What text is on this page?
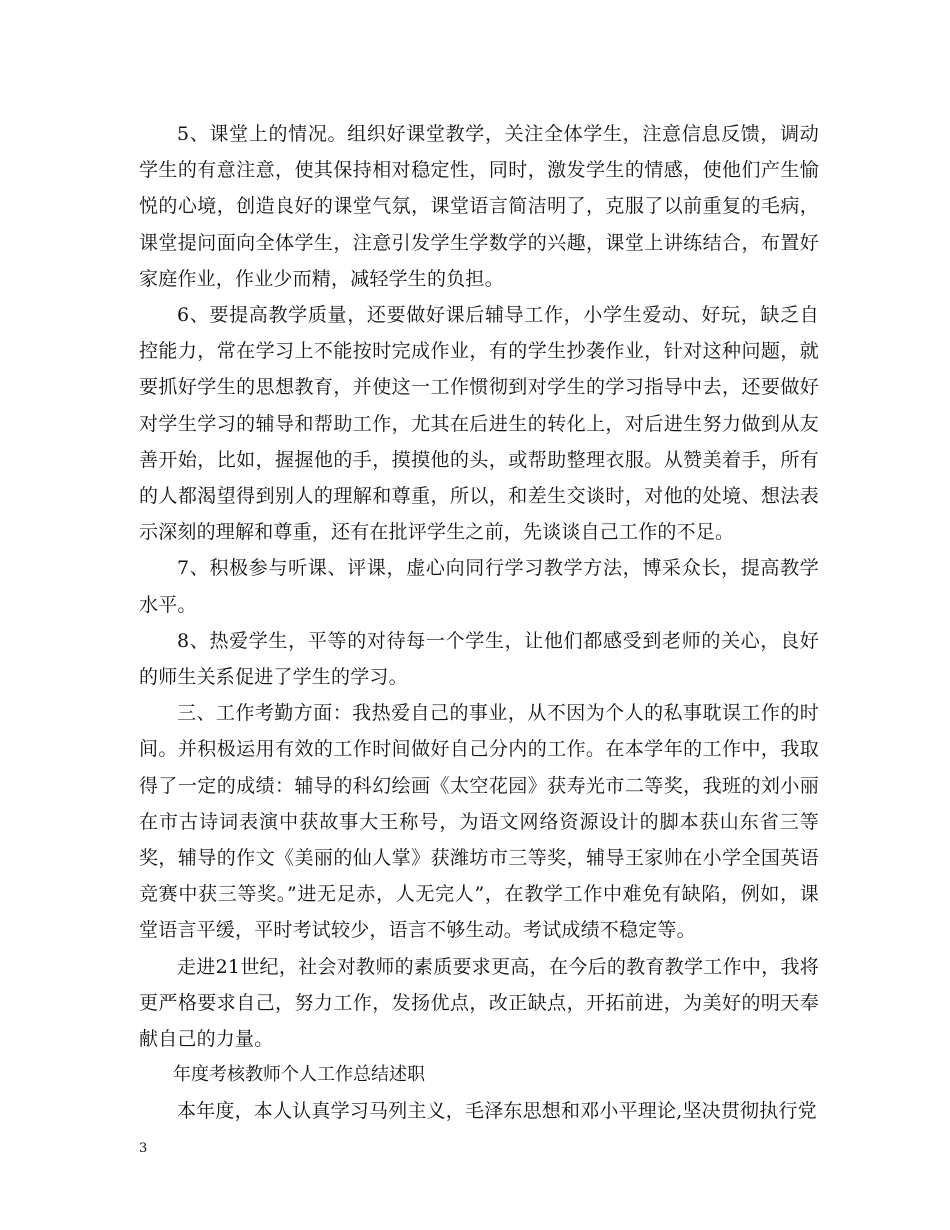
5、课堂上的情况。组织好课堂教学，关注全体学生，注意信息反馈，调动学生的有意注意，使其保持相对稳定性，同时，激发学生的情感，使他们产生愉悦的心境，创造良好的课堂气氛，课堂语言简洁明了，克服了以前重复的毛病，课堂提问面向全体学生，注意引发学生学数学的兴趣，课堂上讲练结合，布置好家庭作业，作业少而精，减轻学生的负担。

6、要提高教学质量，还要做好课后辅导工作，小学生爱动、好玩，缺乏自控能力，常在学习上不能按时完成作业，有的学生抄袭作业，针对这种问题，就要抓好学生的思想教育，并使这一工作惯彻到对学生的学习指导中去，还要做好对学生学习的辅导和帮助工作，尤其在后进生的转化上，对后进生努力做到从友善开始，比如，握握他的手，摸摸他的头，或帮助整理衣服。从赞美着手，所有的人都渴望得到别人的理解和尊重，所以，和差生交谈时，对他的处境、想法表示深刻的理解和尊重，还有在批评学生之前，先谈谈自己工作的不足。

7、积极参与听课、评课，虚心向同行学习教学方法，博采众长，提高教学水平。

8、热爱学生，平等的对待每一个学生，让他们都感受到老师的关心，良好的师生关系促进了学生的学习。

三、工作考勤方面：我热爱自己的事业，从不因为个人的私事耽误工作的时间。并积极运用有效的工作时间做好自己分内的工作。在本学年的工作中，我取得了一定的成绩：辅导的科幻绘画《太空花园》获寿光市二等奖，我班的刘小丽在市古诗词表演中获故事大王称号，为语文网络资源设计的脚本获山东省三等奖，辅导的作文《美丽的仙人掌》获潍坊市三等奖，辅导王家帅在小学全国英语竞赛中获三等奖。”进无足赤，人无完人”，在教学工作中难免有缺陷，例如，课堂语言平缓，平时考试较少，语言不够生动。考试成绩不稳定等。

走进21世纪，社会对教师的素质要求更高，在今后的教育教学工作中，我将更严格要求自己，努力工作，发扬优点，改正缺点，开拓前进，为美好的明天奉献自己的力量。

年度考核教师个人工作总结述职

本年度，本人认真学习马列主义，毛泽东思想和邓小平理论,坚决贯彻执行党

3
